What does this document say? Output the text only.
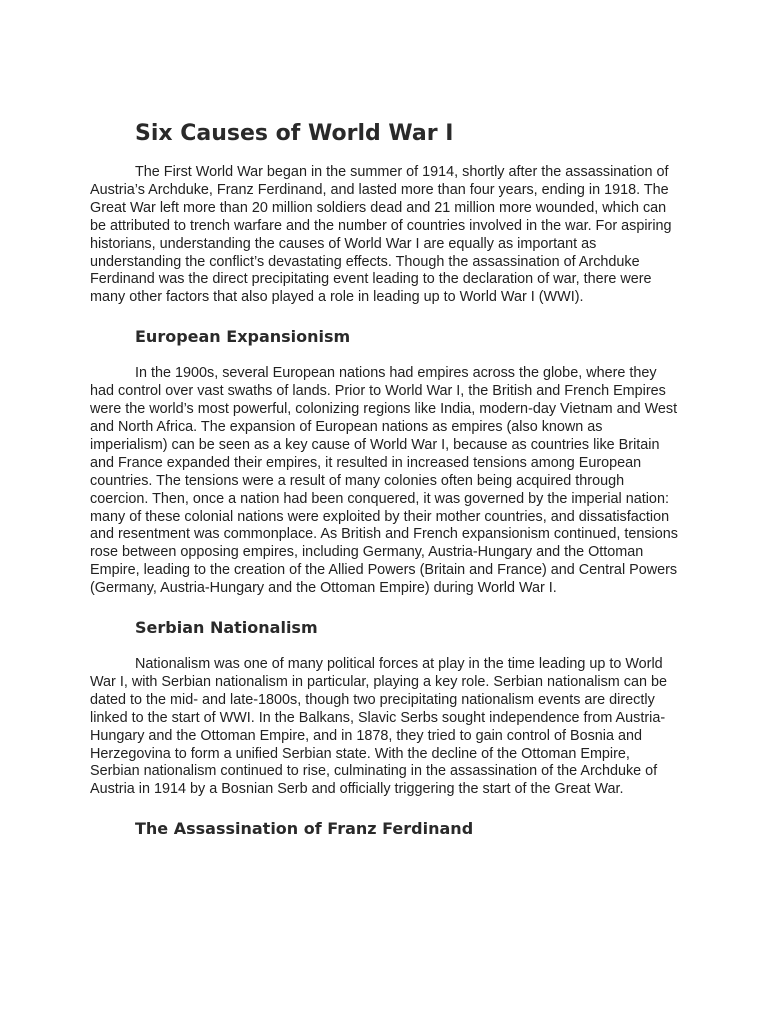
Six Causes of World War I

The First World War began in the summer of 1914, shortly after the assassination of Austria’s Archduke, Franz Ferdinand, and lasted more than four years, ending in 1918. The Great War left more than 20 million soldiers dead and 21 million more wounded, which can be attributed to trench warfare and the number of countries involved in the war. For aspiring historians, understanding the causes of World War I are equally as important as understanding the conflict’s devastating effects. Though the assassination of Archduke Ferdinand was the direct precipitating event leading to the declaration of war, there were many other factors that also played a role in leading up to World War I (WWI).

European Expansionism

In the 1900s, several European nations had empires across the globe, where they had control over vast swaths of lands. Prior to World War I, the British and French Empires were the world’s most powerful, colonizing regions like India, modern-day Vietnam and West and North Africa. The expansion of European nations as empires (also known as imperialism) can be seen as a key cause of World War I, because as countries like Britain and France expanded their empires, it resulted in increased tensions among European countries. The tensions were a result of many colonies often being acquired through coercion. Then, once a nation had been conquered, it was governed by the imperial nation: many of these colonial nations were exploited by their mother countries, and dissatisfaction and resentment was commonplace. As British and French expansionism continued, tensions rose between opposing empires, including Germany, Austria-Hungary and the Ottoman Empire, leading to the creation of the Allied Powers (Britain and France) and Central Powers (Germany, Austria-Hungary and the Ottoman Empire) during World War I.

Serbian Nationalism

Nationalism was one of many political forces at play in the time leading up to World War I, with Serbian nationalism in particular, playing a key role. Serbian nationalism can be dated to the mid- and late-1800s, though two precipitating nationalism events are directly linked to the start of WWI. In the Balkans, Slavic Serbs sought independence from Austria-Hungary and the Ottoman Empire, and in 1878, they tried to gain control of Bosnia and Herzegovina to form a unified Serbian state. With the decline of the Ottoman Empire, Serbian nationalism continued to rise, culminating in the assassination of the Archduke of Austria in 1914 by a Bosnian Serb and officially triggering the start of the Great War.

The Assassination of Franz Ferdinand
